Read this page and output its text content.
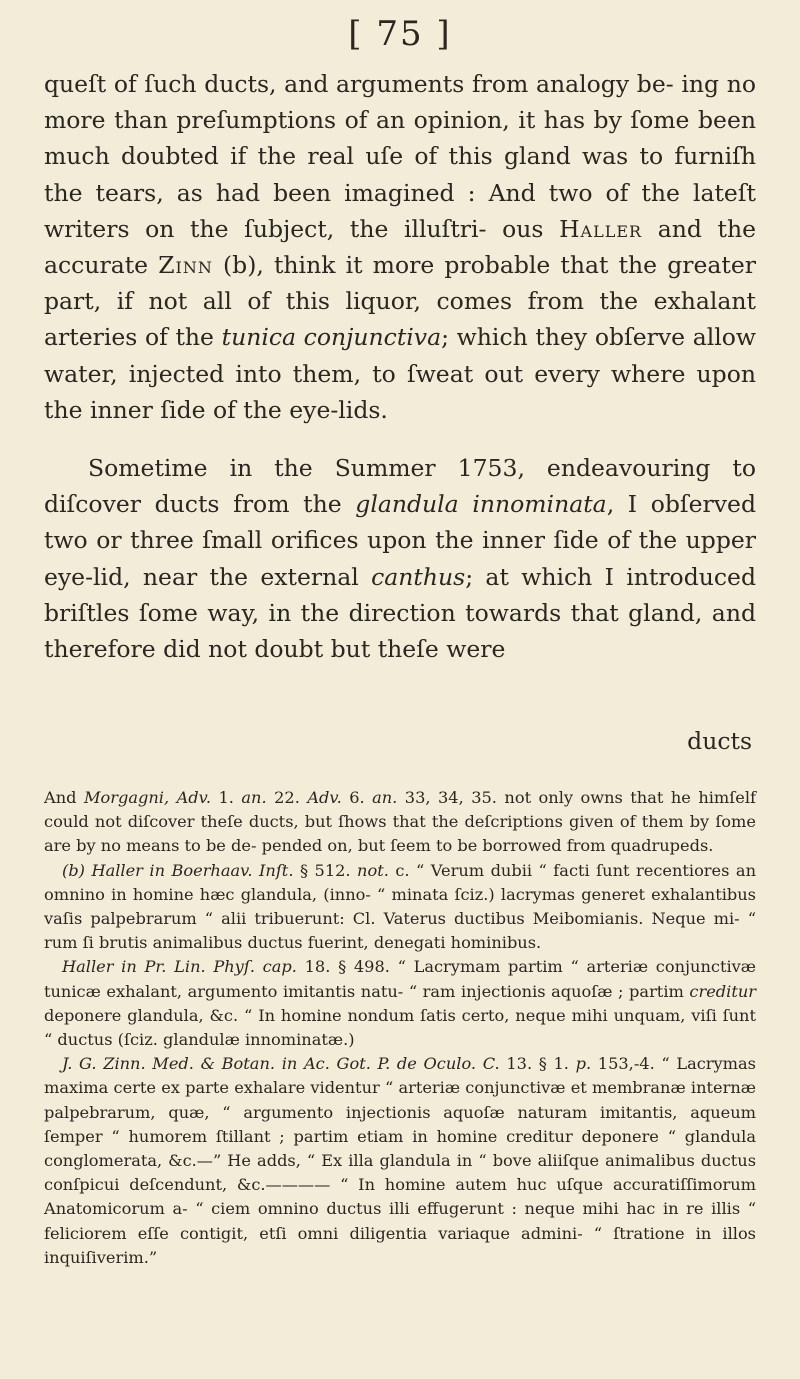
[ 75 ]

queſt of ſuch ducts, and arguments from analogy be- ing no more than preſumptions of an opinion, it has by ſome been much doubted if the real uſe of this gland was to furniſh the tears, as had been imagined : And two of the lateſt writers on the ſubject, the illuſtri- ous Haller and the accurate Zinn (b), think it more probable that the greater part, if not all of this liquor, comes from the exhalant arteries of the tunica conjunctiva; which they obſerve allow water, injected into them, to ſweat out every where upon the inner ſide of the eye-lids.

Sometime in the Summer 1753, endeavouring to diſcover ducts from the glandula innominata, I obſerved two or three ſmall orifices upon the inner ſide of the upper eye-lid, near the external canthus; at which I introduced briſtles ſome way, in the direction towards that gland, and therefore did not doubt but theſe were

ducts

And Morgagni, Adv. 1. an. 22. Adv. 6. an. 33, 34, 35. not only owns that he himſelf could not diſcover theſe ducts, but ſhows that the deſcriptions given of them by ſome are by no means to be de- pended on, but ſeem to be borrowed from quadrupeds.

(b) Haller in Boerhaav. Inſt. § 512. not. c. “ Verum dubii “ facti ſunt recentiores an omnino in homine hæc glandula, (inno- “ minata ſciz.) lacrymas generet exhalantibus vaſis palpebrarum “ alii tribuerunt: Cl. Vaterus ductibus Meibomianis. Neque mi- “ rum ſi brutis animalibus ductus fuerint, denegati hominibus.

Haller in Pr. Lin. Phyſ. cap. 18. § 498. “ Lacrymam partim “ arteriæ conjunctivæ tunicæ exhalant, argumento imitantis natu- “ ram injectionis aquoſæ ; partim creditur deponere glandula, &c. “ In homine nondum ſatis certo, neque mihi unquam, viſi ſunt “ ductus (ſciz. glandulæ innominatæ.)

J. G. Zinn. Med. & Botan. in Ac. Got. P. de Oculo. C. 13. § 1. p. 153,-4. “ Lacrymas maxima certe ex parte exhalare videntur “ arteriæ conjunctivæ et membranæ internæ palpebrarum, quæ, “ argumento injectionis aquoſæ naturam imitantis, aqueum ſemper “ humorem ſtillant ; partim etiam in homine creditur deponere “ glandula conglomerata, &c.—” He adds, “ Ex illa glandula in “ bove aliiſque animalibus ductus conſpicui deſcendunt, &c.———— “ In homine autem huc uſque accuratiſſimorum Anatomicorum a- “ ciem omnino ductus illi effugerunt : neque mihi hac in re illis “ feliciorem eſſe contigit, etſi omni diligentia variaque admini- “ ſtratione in illos inquiſiverim.”
